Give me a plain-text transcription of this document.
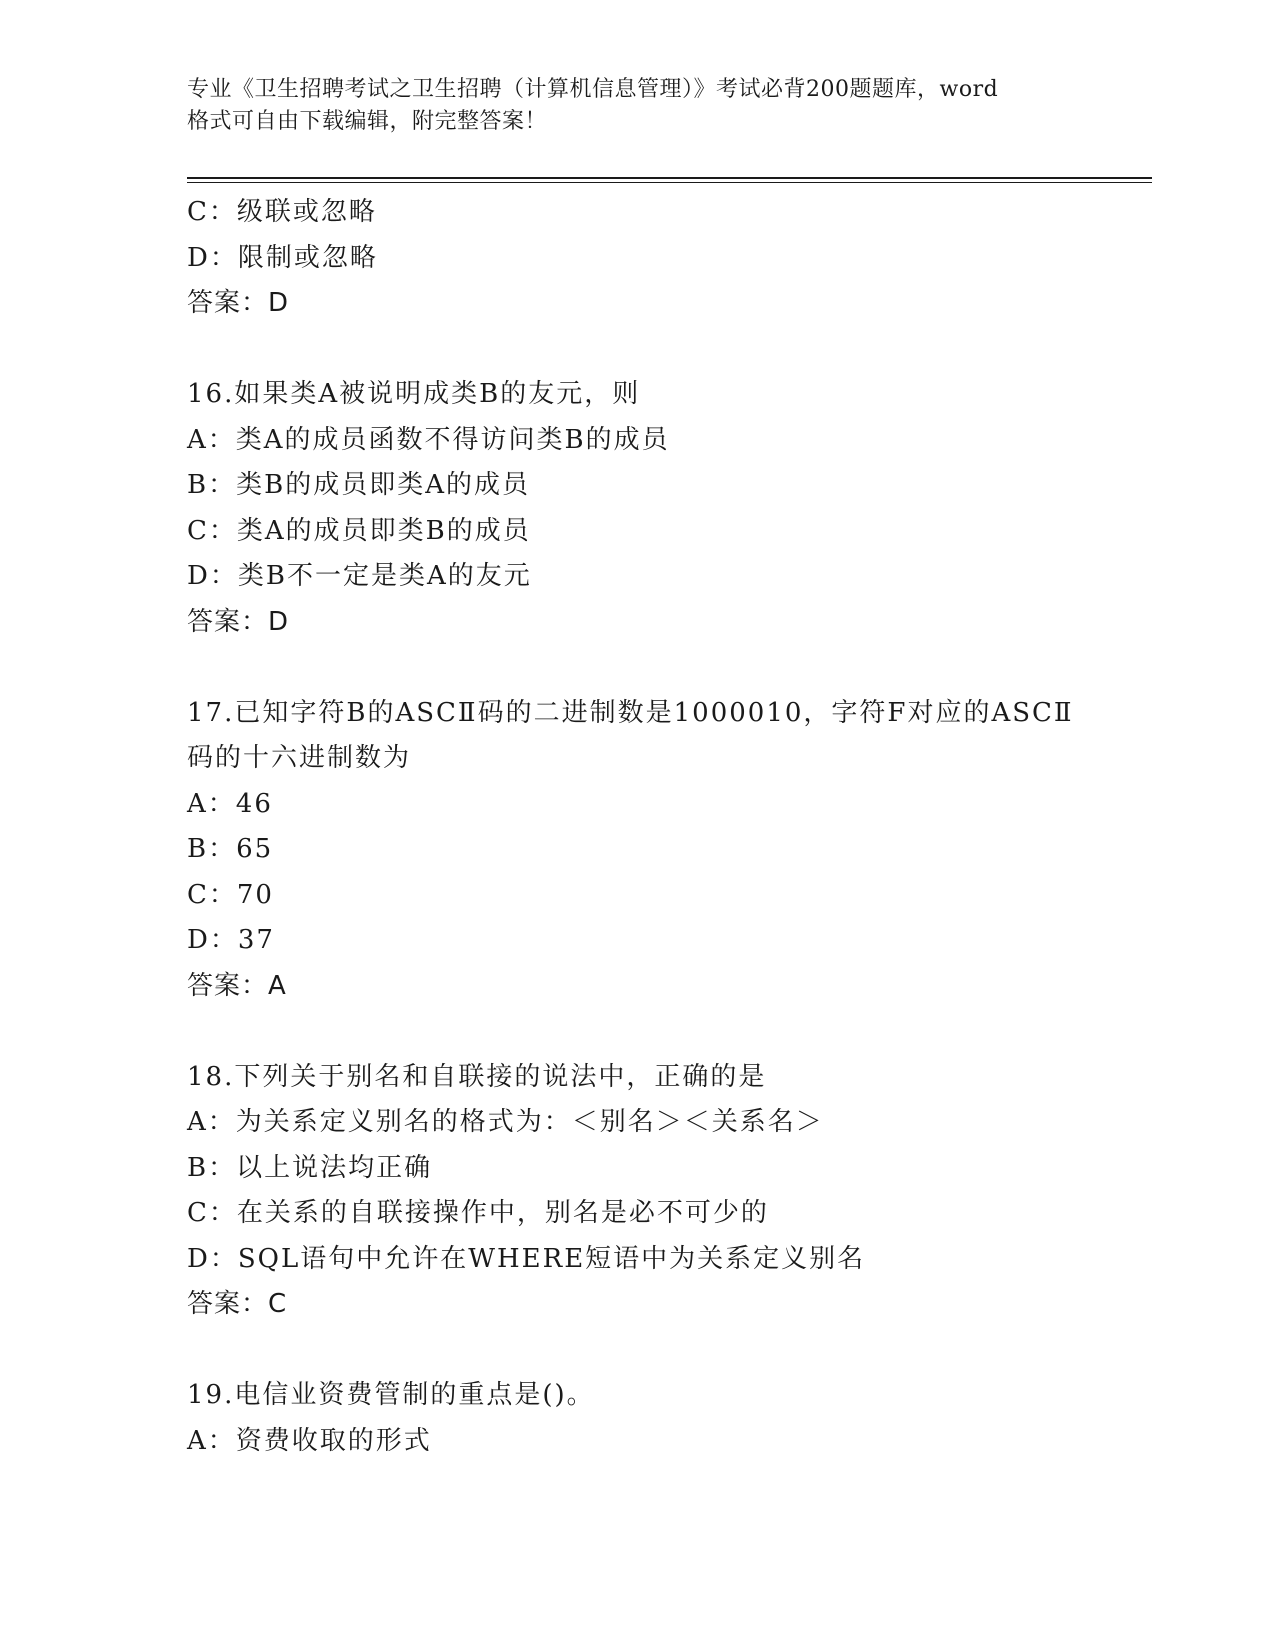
专业《卫生招聘考试之卫生招聘（计算机信息管理）》考试必背200题题库，word
格式可自由下载编辑，附完整答案！
C：级联或忽略
D：限制或忽略
答案：D
16.如果类A被说明成类B的友元，则
A：类A的成员函数不得访问类B的成员
B：类B的成员即类A的成员
C：类A的成员即类B的成员
D：类B不一定是类A的友元
答案：D
17.已知字符B的ASCⅡ码的二进制数是1000010，字符F对应的ASCⅡ
码的十六进制数为
A：46
B：65
C：70
D：37
答案：A
18.下列关于别名和自联接的说法中，正确的是
A：为关系定义别名的格式为：＜别名＞＜关系名＞
B：以上说法均正确
C：在关系的自联接操作中，别名是必不可少的
D：SQL语句中允许在WHERE短语中为关系定义别名
答案：C
19.电信业资费管制的重点是()。
A：资费收取的形式
